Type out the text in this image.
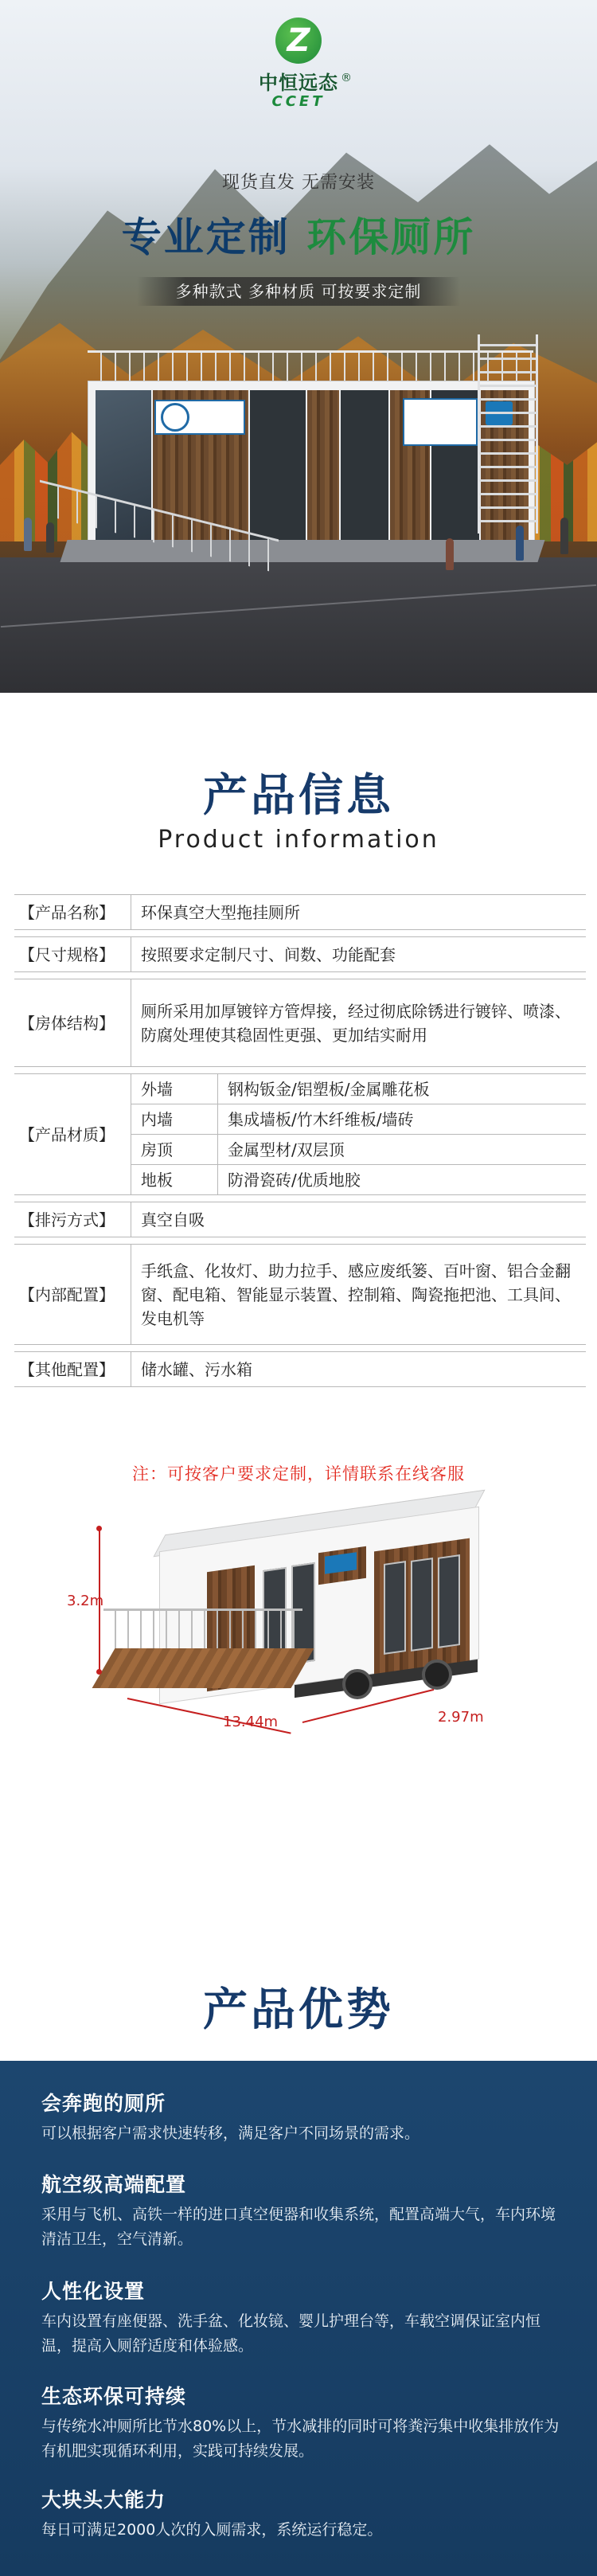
Z
中恒远态 ®
CCET
现货直发 无需安装
专业定制 环保厕所
多种款式 多种材质 可按要求定制
产品信息
Product information
【产品名称】	环保真空大型拖挂厕所	

【尺寸规格】	按照要求定制尺寸、间数、功能配套	

【房体结构】	厕所采用加厚镀锌方管焊接，经过彻底除锈进行镀锌、喷漆、防腐处理使其稳固性更强、更加结实耐用	

【产品材质】	外墙	钢构钣金/铝塑板/金属雕花板
	内墙	集成墙板/竹木纤维板/墙砖
	房顶	金属型材/双层顶
	地板	防滑瓷砖/优质地胶

【排污方式】	真空自吸	

【内部配置】	手纸盒、化妆灯、助力拉手、感应废纸篓、百叶窗、铝合金翻窗、配电箱、智能显示装置、控制箱、陶瓷拖把池、工具间、发电机等	

【其他配置】	储水罐、污水箱	
注：可按客户要求定制，详情联系在线客服
3.2m
13.44m	2.97m
产品优势
会奔跑的厕所
可以根据客户需求快速转移，满足客户不同场景的需求。
航空级高端配置
采用与飞机、高铁一样的进口真空便器和收集系统，配置高端大气，车内环境清洁卫生，空气清新。
人性化设置
车内设置有座便器、洗手盆、化妆镜、婴儿护理台等，车载空调保证室内恒温，提高入厕舒适度和体验感。
生态环保可持续
与传统水冲厕所比节水80%以上，节水减排的同时可将粪污集中收集排放作为有机肥实现循环利用，实践可持续发展。
大块头大能力
每日可满足2000人次的入厕需求，系统运行稳定。
